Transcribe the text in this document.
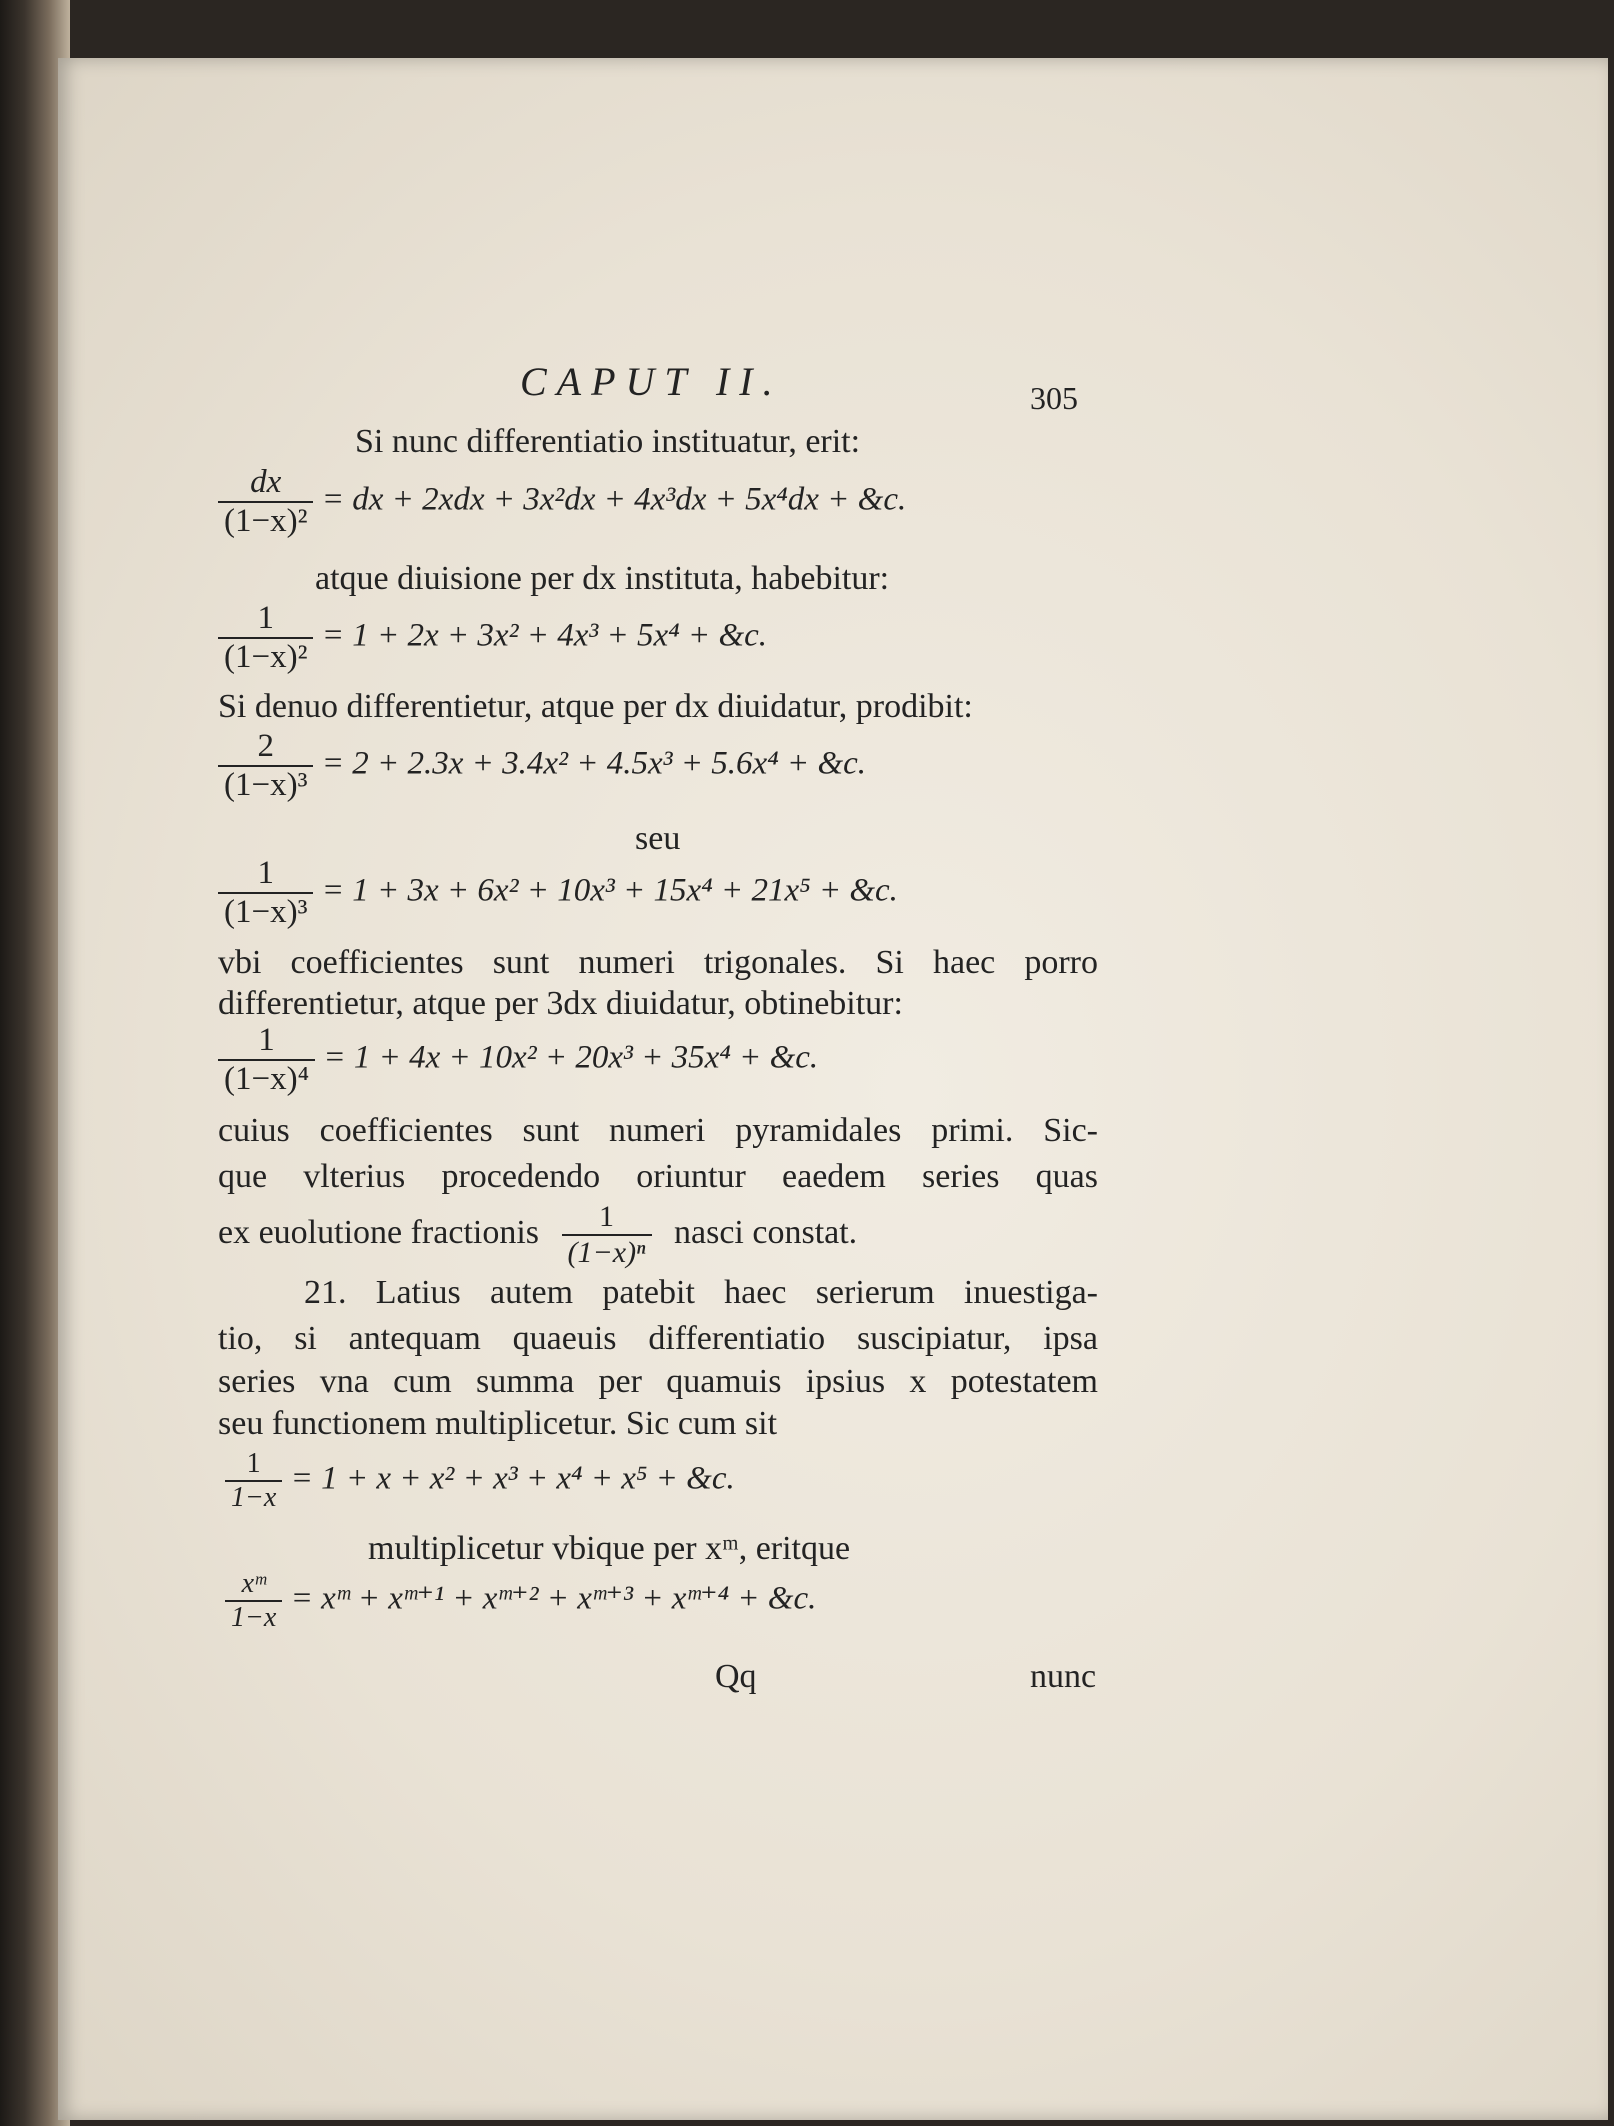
CAPUT II.	305
Si nunc differentiatio instituatur, erit:
$\frac{dx}{\text{(1−x)²}}$ = dx + 2xdx + 3x²dx + 4x³dx + 5x⁴dx + &c.
atque diuisione per dx instituta, habebitur:
$\frac{1}{\text{(1−x)²}} = 1 + 2x + 3x^2 + 4x^3 + 5x^4$ + &c.
Si denuo differentietur, atque per dx diuidatur, prodibit:
$\frac{2}{\text{(1−x)³}} = 2 + 2.3x + 3.4x^2 + 4.5x^3 + 5.6x^4$ + &c.
seu
$\frac{1}{\text{(1−x)³}} = 1 + 3x + 6x^2 + 10x^3 + 15x^4 + 21x^5$ + &c.
vbi coefficientes sunt numeri trigonales. Si haec porro
differentietur, atque per 3dx diuidatur, obtinebitur:
$\frac{1}{\text{(1−x)⁴}} = 1 + 4x + 10x^2 + 20x^3 + 35x^4$ + &c.
cuius coefficientes sunt numeri pyramidales primi. Sic-
que vlterius procedendo oriuntur eaedem series quas
ex euolutione fractionis $\frac{1}{\text{(1−x)ⁿ}}$ nasci constat.
21. Latius autem patebit haec serierum inuestiga-
tio, si antequam quaeuis differentiatio suscipiatur, ipsa
series vna cum summa per quamuis ipsius x potestatem
seu functionem multiplicetur. Sic cum sit
$\frac{1}{1-x} = 1 + x + x^2 + x^3 + x^4 + x^5$ + &c.
multiplicetur vbique per xᵐ, eritque
$\frac{\text{xᵐ}}{1-x}$ = xᵐ + xᵐ⁺¹ + xᵐ⁺² + xᵐ⁺³ + xᵐ⁺⁴ + &c.
Qq	nunc
